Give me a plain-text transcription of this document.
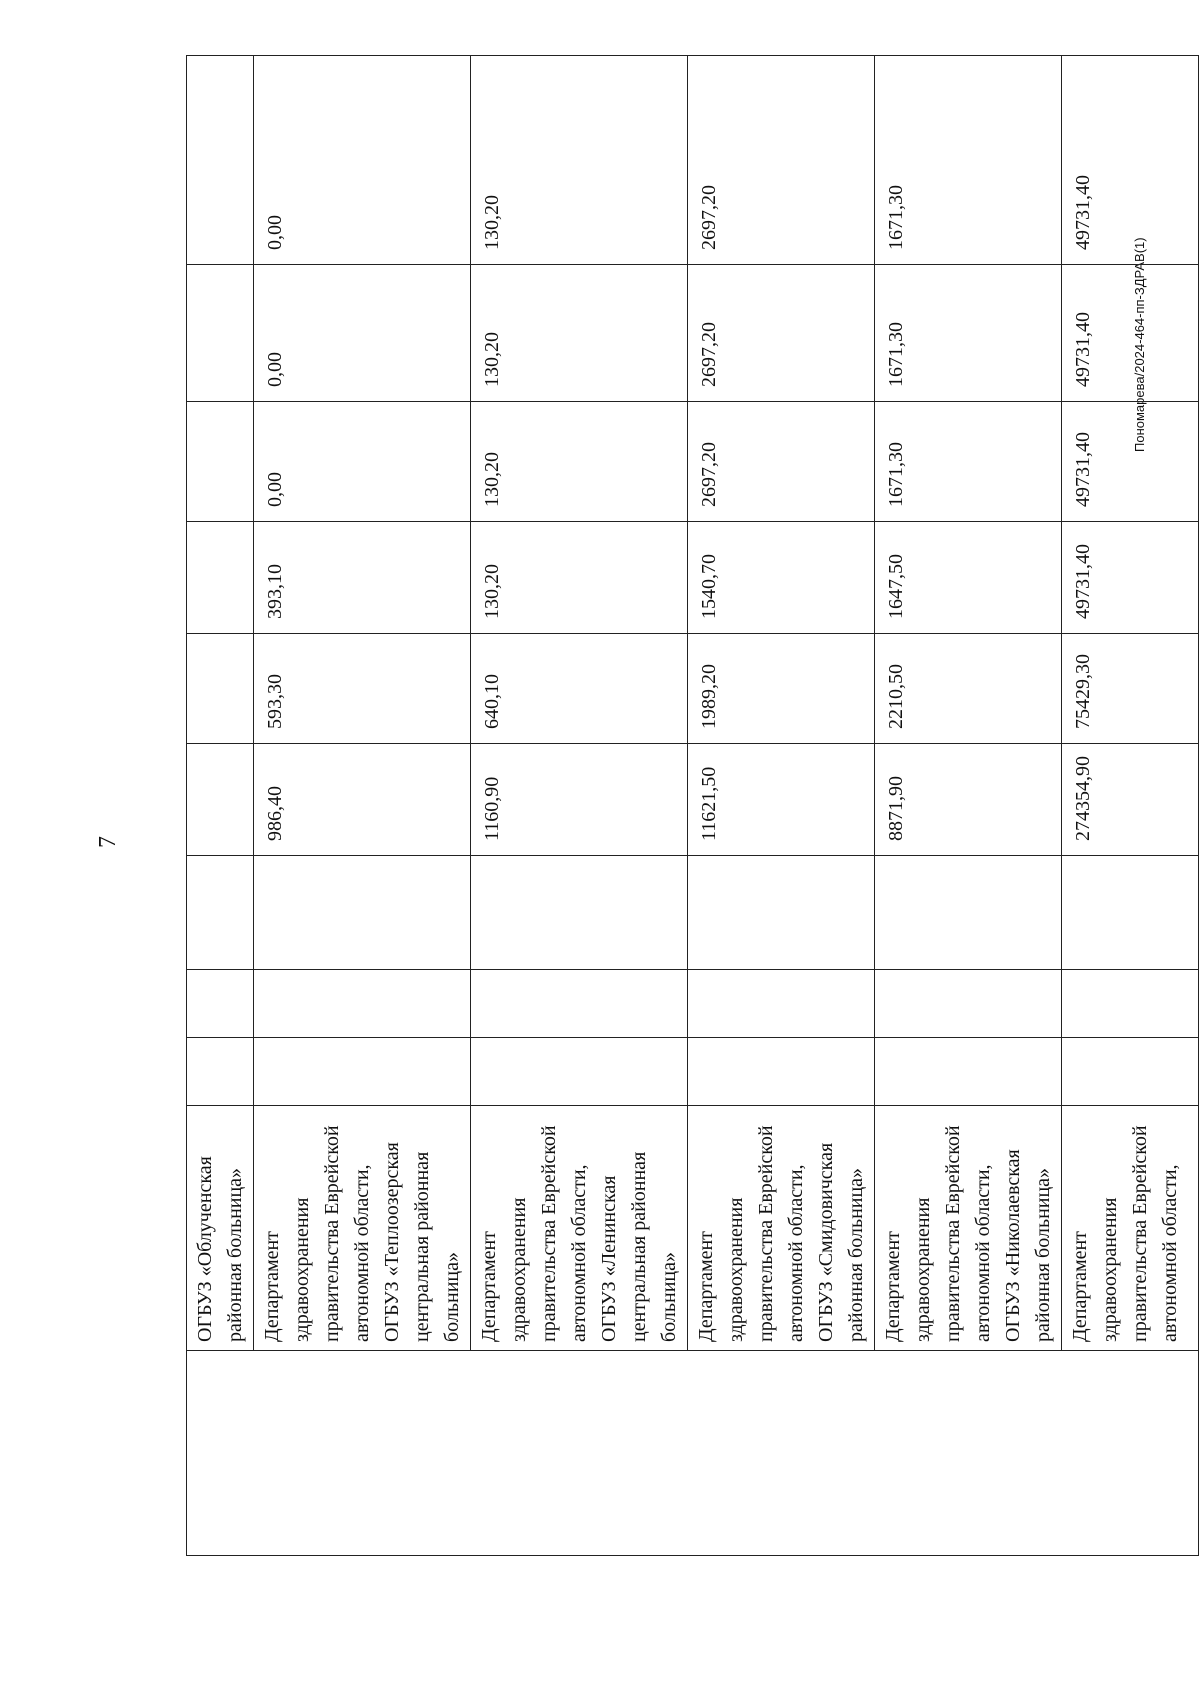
7
Пономарева/2024-464-пп-ЗДРАВ(1)
	ОГБУЗ «Облученская районная больница»									
	Департамент здравоохранения правительства Еврейской автономной области, ОГБУЗ «Теплоозерская центральная районная больница»				986,40	593,30	393,10	0,00	0,00	0,00
	Департамент здравоохранения правительства Еврейской автономной области, ОГБУЗ «Ленинская центральная районная больница»				1160,90	640,10	130,20	130,20	130,20	130,20
	Департамент здравоохранения правительства Еврейской автономной области, ОГБУЗ «Смидовичская районная больница»				11621,50	1989,20	1540,70	2697,20	2697,20	2697,20
	Департамент здравоохранения правительства Еврейской автономной области, ОГБУЗ «Николаевская районная больница»				8871,90	2210,50	1647,50	1671,30	1671,30	1671,30
	Департамент здравоохранения правительства Еврейской автономной области,				274354,90	75429,30	49731,40	49731,40	49731,40	49731,40
